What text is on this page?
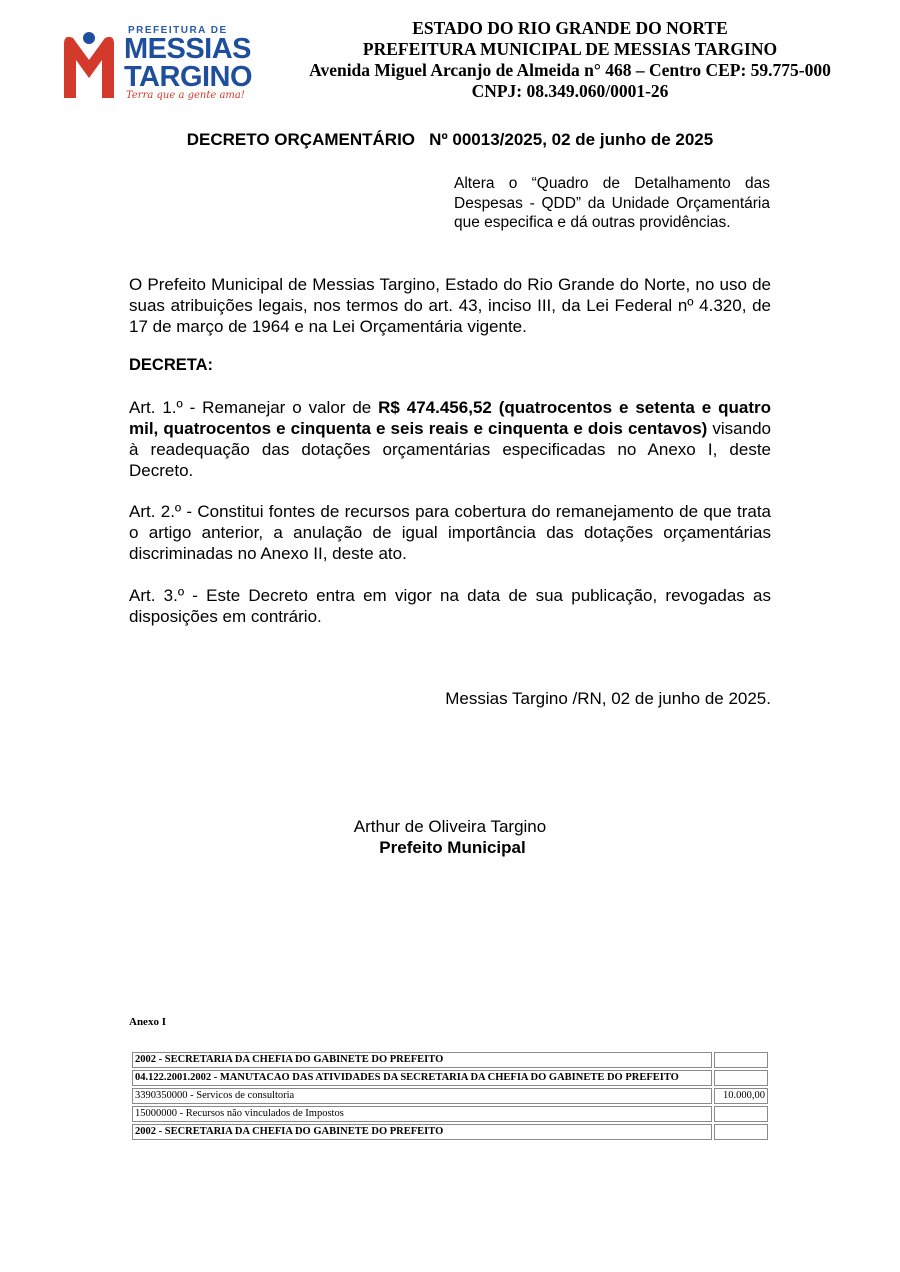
PREFEITURA DE
MESSIAS
TARGINO
Terra que a gente ama!
ESTADO DO RIO GRANDE DO NORTE
PREFEITURA MUNICIPAL DE MESSIAS TARGINO
Avenida Miguel Arcanjo de Almeida n° 468 – Centro CEP: 59.775-000
CNPJ: 08.349.060/0001-26
DECRETO ORÇAMENTÁRIO   Nº 00013/2025, 02 de junho de 2025
Altera o “Quadro de Detalhamento das Despesas - QDD” da Unidade Orçamentária que especifica e dá outras providências.
O Prefeito Municipal de Messias Targino, Estado do Rio Grande do Norte, no uso de suas atribuições legais, nos termos do art. 43, inciso III, da Lei Federal nº 4.320, de 17 de março de 1964 e na Lei Orçamentária vigente.
DECRETA:
Art. 1.º - Remanejar o valor de R$ 474.456,52 (quatrocentos e setenta e quatro mil, quatrocentos e cinquenta e seis reais e cinquenta e dois centavos) visando à readequação das dotações orçamentárias especificadas no Anexo I, deste Decreto.
Art. 2.º - Constitui fontes de recursos para cobertura do remanejamento de que trata o artigo anterior, a anulação de igual importância das dotações orçamentárias discriminadas no Anexo II, deste ato.
Art. 3.º - Este Decreto entra em vigor na data de sua publicação, revogadas as disposições em contrário.
Messias Targino /RN, 02 de junho de 2025.
Arthur de Oliveira Targino
Prefeito Municipal
Anexo I
2002 - SECRETARIA DA CHEFIA DO GABINETE DO PREFEITO	
04.122.2001.2002 - MANUTACAO DAS ATIVIDADES DA SECRETARIA DA CHEFIA DO GABINETE DO PREFEITO	
3390350000 - Servicos de consultoria	10.000,00
15000000 - Recursos não vinculados de Impostos	
2002 - SECRETARIA DA CHEFIA DO GABINETE DO PREFEITO	
